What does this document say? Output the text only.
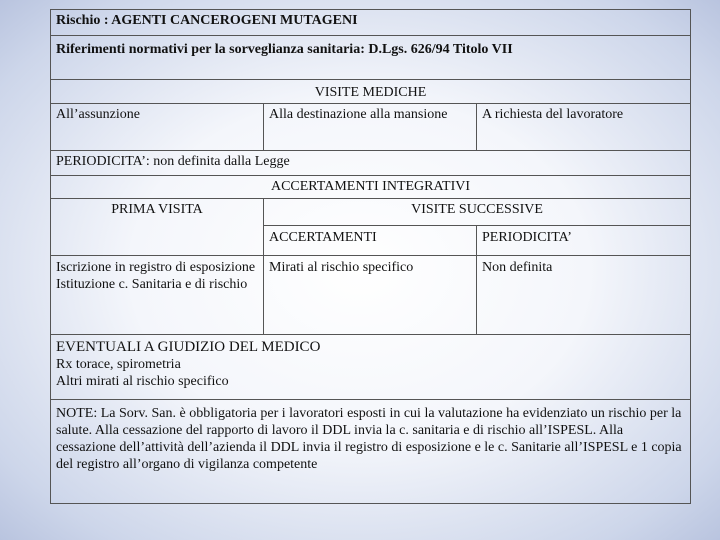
Rischio : AGENTI CANCEROGENI MUTAGENI		
Riferimenti normativi per la sorveglianza sanitaria: D.Lgs. 626/94 Titolo VII		
VISITE MEDICHE		
All’assunzione	Alla destinazione alla mansione	A richiesta del lavoratore
PERIODICITA’: non definita dalla Legge		
ACCERTAMENTI INTEGRATIVI		
PRIMA VISITA	VISITE SUCCESSIVE	
	ACCERTAMENTI	PERIODICITA’

Iscrizione in registro di esposizione
Istituzione c. Sanitaria e di rischio	Mirati al rischio specifico	Non definita

EVENTUALI A GIUDIZIO DEL MEDICO
Rx torace, spirometria
Altri mirati al rischio specifico		

NOTE: La Sorv. San. è obbligatoria per i lavoratori esposti in cui la valutazione ha evidenziato un rischio per la salute. Alla cessazione del rapporto di lavoro il DDL invia la c. sanitaria e di rischio all’ISPESL. Alla cessazione dell’attività dell’azienda il DDL invia il registro di esposizione e le c. Sanitarie all’ISPESL e 1 copia del registro all’organo di vigilanza competente		
